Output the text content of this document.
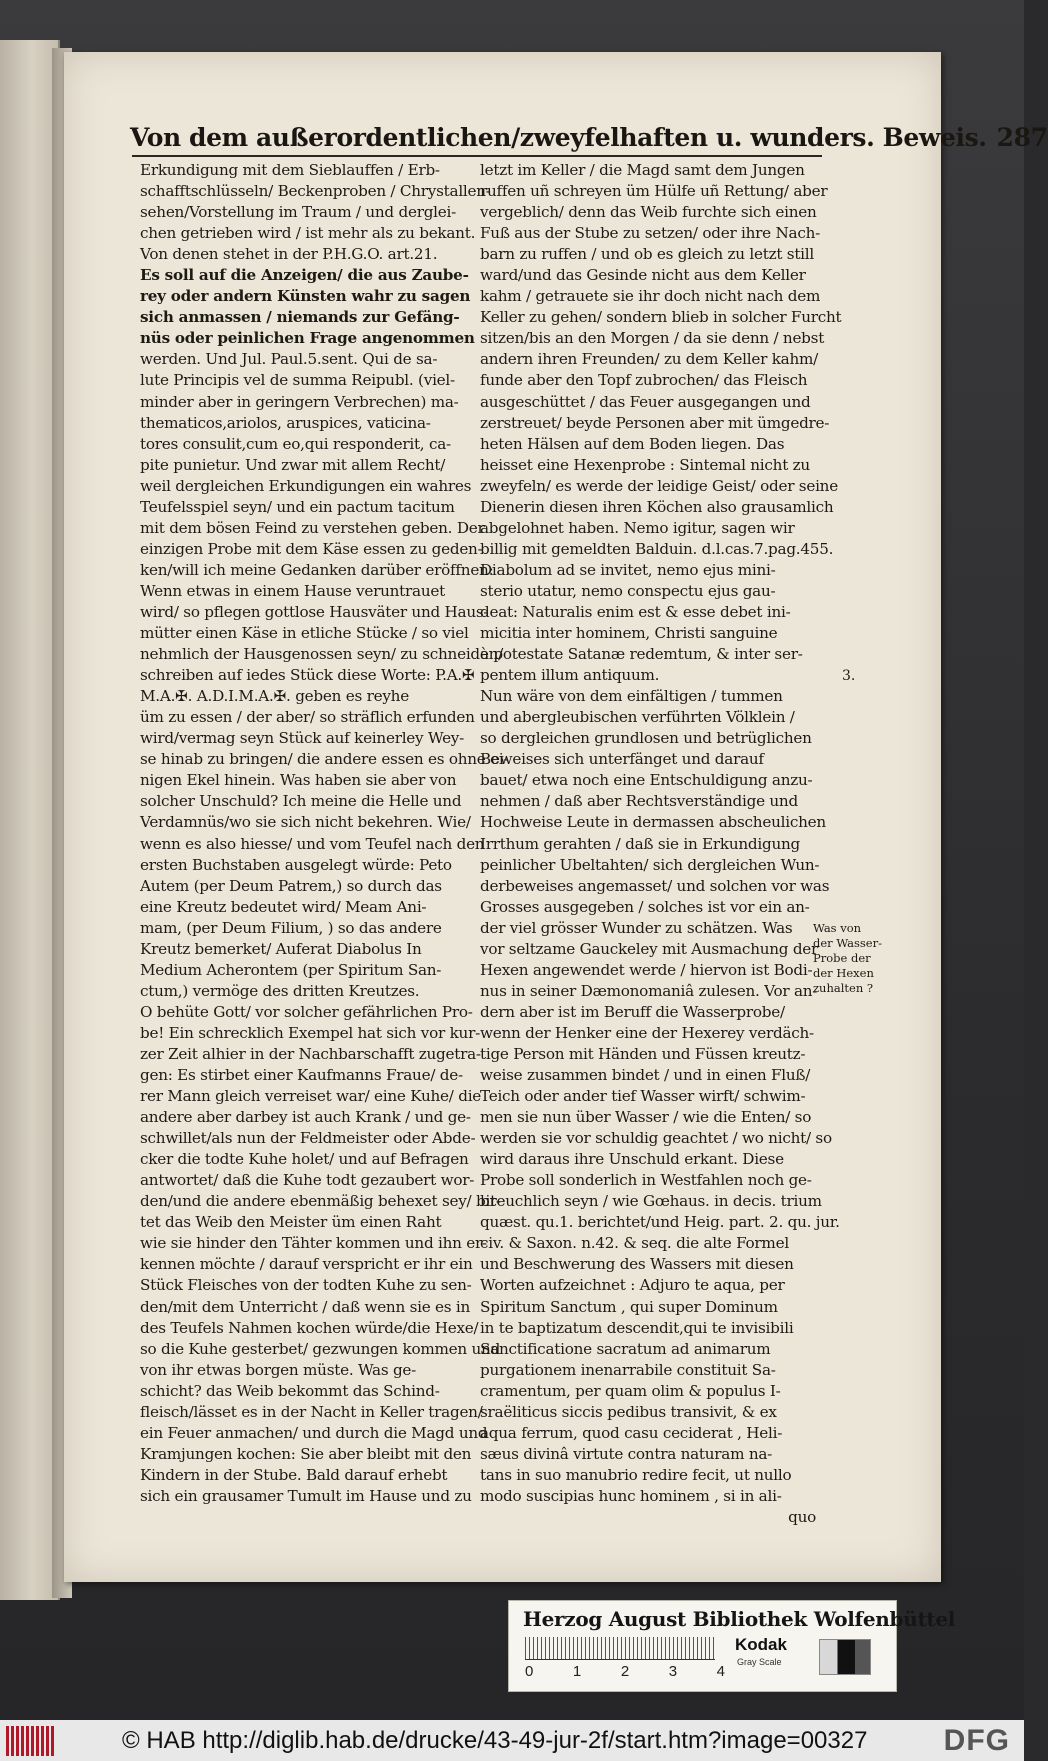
Von dem außerordentlichen/zweyfelhaften u. wunders. Beweis. 287
Erkundigung mit dem Sieblauffen / Erb-
schafftschlüsseln/ Beckenproben / Chrystallen-
sehen/Vorstellung im Traum / und derglei-
chen getrieben wird / ist mehr als zu bekant.
Von denen stehet in der P.H.G.O. art.21.
Es soll auf die Anzeigen/ die aus Zaube-
rey oder andern Künsten wahr zu sagen
sich anmassen / niemands zur Gefäng-
nüs oder peinlichen Frage angenommen
werden. Und Jul. Paul.5.sent. Qui de sa-
lute Principis vel de summa Reipubl. (viel-
minder aber in geringern Verbrechen) ma-
thematicos,ariolos, aruspices, vaticina-
tores consulit,cum eo,qui responderit, ca-
pite punietur. Und zwar mit allem Recht/
weil dergleichen Erkundigungen ein wahres
Teufelsspiel seyn/ und ein pactum tacitum
mit dem bösen Feind zu verstehen geben. Der
einzigen Probe mit dem Käse essen zu geden-
ken/will ich meine Gedanken darüber eröffnen:
Wenn etwas in einem Hause veruntrauet
wird/ so pflegen gottlose Hausväter und Haus-
mütter einen Käse in etliche Stücke / so viel
nehmlich der Hausgenossen seyn/ zu schneiden/
schreiben auf iedes Stück diese Worte: P.A.✠
M.A.✠. A.D.I.M.A.✠. geben es reyhe
üm zu essen / der aber/ so sträflich erfunden
wird/vermag seyn Stück auf keinerley Wey-
se hinab zu bringen/ die andere essen es ohne ei-
nigen Ekel hinein. Was haben sie aber von
solcher Unschuld? Ich meine die Helle und
Verdamnüs/wo sie sich nicht bekehren. Wie/
wenn es also hiesse/ und vom Teufel nach den
ersten Buchstaben ausgelegt würde: Peto
Autem (per Deum Patrem,) so durch das
eine Kreutz bedeutet wird/ Meam Ani-
mam, (per Deum Filium, ) so das andere
Kreutz bemerket/ Auferat Diabolus In
Medium Acherontem (per Spiritum San-
ctum,) vermöge des dritten Kreutzes.
O behüte Gott/ vor solcher gefährlichen Pro-
be! Ein schrecklich Exempel hat sich vor kur-
zer Zeit alhier in der Nachbarschafft zugetra-
gen: Es stirbet einer Kaufmanns Fraue/ de-
rer Mann gleich verreiset war/ eine Kuhe/ die
andere aber darbey ist auch Krank / und ge-
schwillet/als nun der Feldmeister oder Abde-
cker die todte Kuhe holet/ und auf Befragen
antwortet/ daß die Kuhe todt gezaubert wor-
den/und die andere ebenmäßig behexet sey/ bit-
tet das Weib den Meister üm einen Raht
wie sie hinder den Tähter kommen und ihn er-
kennen möchte / darauf verspricht er ihr ein
Stück Fleisches von der todten Kuhe zu sen-
den/mit dem Unterricht / daß wenn sie es in
des Teufels Nahmen kochen würde/die Hexe/
so die Kuhe gesterbet/ gezwungen kommen und
von ihr etwas borgen müste. Was ge-
schicht? das Weib bekommt das Schind-
fleisch/lässet es in der Nacht in Keller tragen/
ein Feuer anmachen/ und durch die Magd und
Kramjungen kochen: Sie aber bleibt mit den
Kindern in der Stube. Bald darauf erhebt
sich ein grausamer Tumult im Hause und zu
letzt im Keller / die Magd samt dem Jungen
ruffen uñ schreyen üm Hülfe uñ Rettung/ aber
vergeblich/ denn das Weib furchte sich einen
Fuß aus der Stube zu setzen/ oder ihre Nach-
barn zu ruffen / und ob es gleich zu letzt still
ward/und das Gesinde nicht aus dem Keller
kahm / getrauete sie ihr doch nicht nach dem
Keller zu gehen/ sondern blieb in solcher Furcht
sitzen/bis an den Morgen / da sie denn / nebst
andern ihren Freunden/ zu dem Keller kahm/
funde aber den Topf zubrochen/ das Fleisch
ausgeschüttet / das Feuer ausgegangen und
zerstreuet/ beyde Personen aber mit ümgedre-
heten Hälsen auf dem Boden liegen. Das
heisset eine Hexenprobe : Sintemal nicht zu
zweyfeln/ es werde der leidige Geist/ oder seine
Dienerin diesen ihren Köchen also grausamlich
abgelohnet haben. Nemo igitur, sagen wir
billig mit gemeldten Balduin. d.l.cas.7.pag.455.
Diabolum ad se invitet, nemo ejus mini-
sterio utatur, nemo conspectu ejus gau-
deat: Naturalis enim est & esse debet ini-
micitia inter hominem, Christi sanguine
à potestate Satanæ redemtum, & inter ser-
pentem illum antiquum.
Nun wäre von dem einfältigen / tummen
und abergleubischen verführten Völklein /
so dergleichen grundlosen und betrüglichen
Beweises sich unterfänget und darauf
bauet/ etwa noch eine Entschuldigung anzu-
nehmen / daß aber Rechtsverständige und
Hochweise Leute in dermassen abscheulichen
Irrthum gerahten / daß sie in Erkundigung
peinlicher Ubeltahten/ sich dergleichen Wun-
derbeweises angemasset/ und solchen vor was
Grosses ausgegeben / solches ist vor ein an-
der viel grösser Wunder zu schätzen. Was
vor seltzame Gauckeley mit Ausmachung der
Hexen angewendet werde / hiervon ist Bodi-
nus in seiner Dæmonomaniâ zulesen. Vor an-
dern aber ist im Beruff die Wasserprobe/
wenn der Henker eine der Hexerey verdäch-
tige Person mit Händen und Füssen kreutz-
weise zusammen bindet / und in einen Fluß/
Teich oder ander tief Wasser wirft/ schwim-
men sie nun über Wasser / wie die Enten/ so
werden sie vor schuldig geachtet / wo nicht/ so
wird daraus ihre Unschuld erkant. Diese
Probe soll sonderlich in Westfahlen noch ge-
breuchlich seyn / wie Gœhaus. in decis. trium
quæst. qu.1. berichtet/und Heig. part. 2. qu. jur.
civ. & Saxon. n.42. & seq. die alte Formel
und Beschwerung des Wassers mit diesen
Worten aufzeichnet : Adjuro te aqua, per
Spiritum Sanctum , qui super Dominum
in te baptizatum descendit,qui te invisibili
Sanctificatione sacratum ad animarum
purgationem inenarrabile constituit Sa-
cramentum, per quam olim & populus I-
sraëliticus siccis pedibus transivit, & ex
aqua ferrum, quod casu ceciderat , Heli-
sæus divinâ virtute contra naturam na-
tans in suo manubrio redire fecit, ut nullo
modo suscipias hunc hominem , si in ali-
quo
3.
Was von
der Wasser-
Probe der
der Hexen
zuhalten ?
Herzog August Bibliothek Wolfenbüttel
0	1	2	3	4
Kodak
Gray Scale
© HAB http://diglib.hab.de/drucke/43-49-jur-2f/start.htm?image=00327	DFG
